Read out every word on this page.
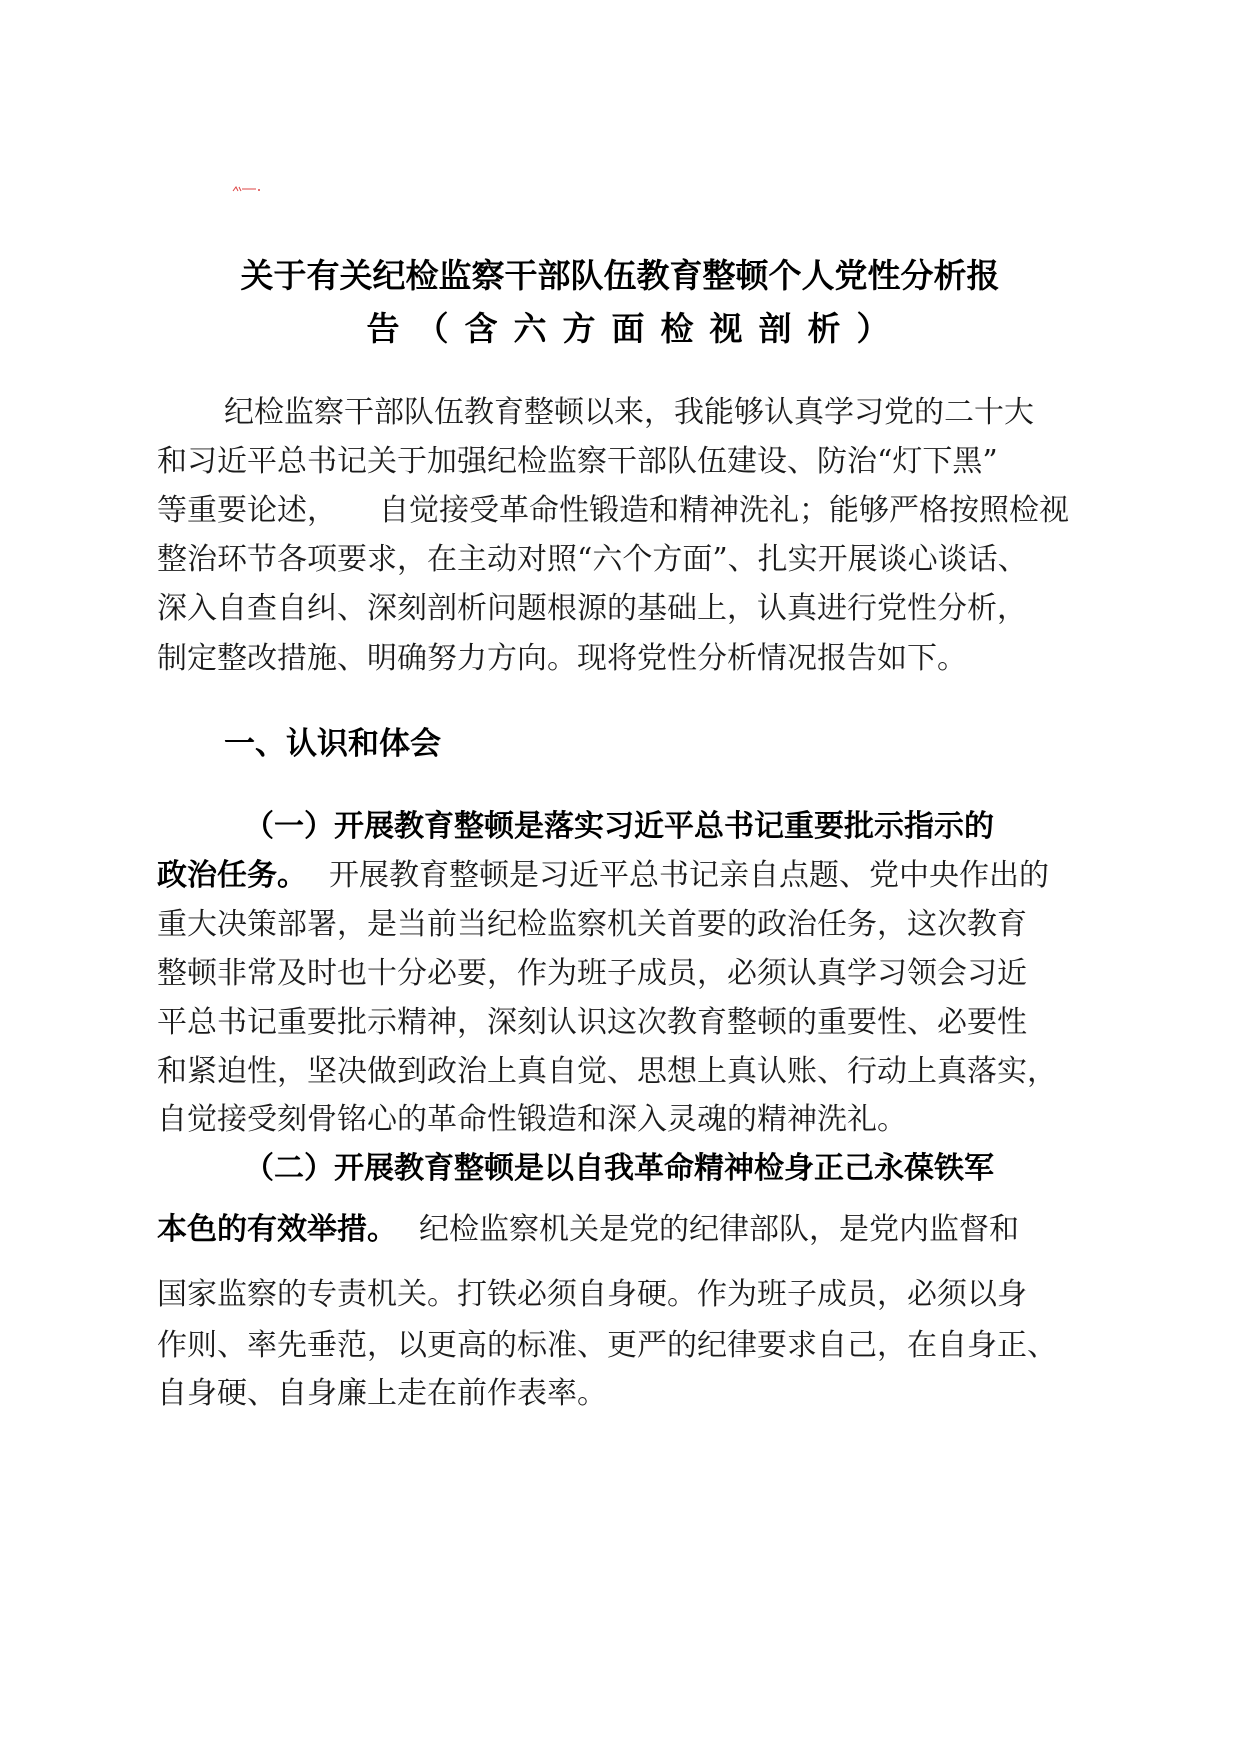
关于有关纪检监察干部队伍教育整顿个人党性分析报
告（含六方面检视剖析）
纪检监察干部队伍教育整顿以来，我能够认真学习党的二十大
和习近平总书记关于加强纪检监察干部队伍建设、防治“灯下黑”
等重要论述， 自觉接受革命性锻造和精神洗礼；能够严格按照检视
整治环节各项要求，在主动对照“六个方面”、扎实开展谈心谈话、
深入自查自纠、深刻剖析问题根源的基础上，认真进行党性分析，
制定整改措施、明确努力方向。现将党性分析情况报告如下。
一、认识和体会
（一）开展教育整顿是落实习近平总书记重要批示指示的
政治任务。 开展教育整顿是习近平总书记亲自点题、党中央作出的
重大决策部署，是当前当纪检监察机关首要的政治任务，这次教育
整顿非常及时也十分必要，作为班子成员，必须认真学习领会习近
平总书记重要批示精神，深刻认识这次教育整顿的重要性、必要性
和紧迫性，坚决做到政治上真自觉、思想上真认账、行动上真落实，
自觉接受刻骨铭心的革命性锻造和深入灵魂的精神洗礼。
（二）开展教育整顿是以自我革命精神检身正己永葆铁军
本色的有效举措。 纪检监察机关是党的纪律部队，是党内监督和
国家监察的专责机关。打铁必须自身硬。作为班子成员，必须以身
作则、率先垂范，以更高的标准、更严的纪律要求自己，在自身正、
自身硬、自身廉上走在前作表率。
